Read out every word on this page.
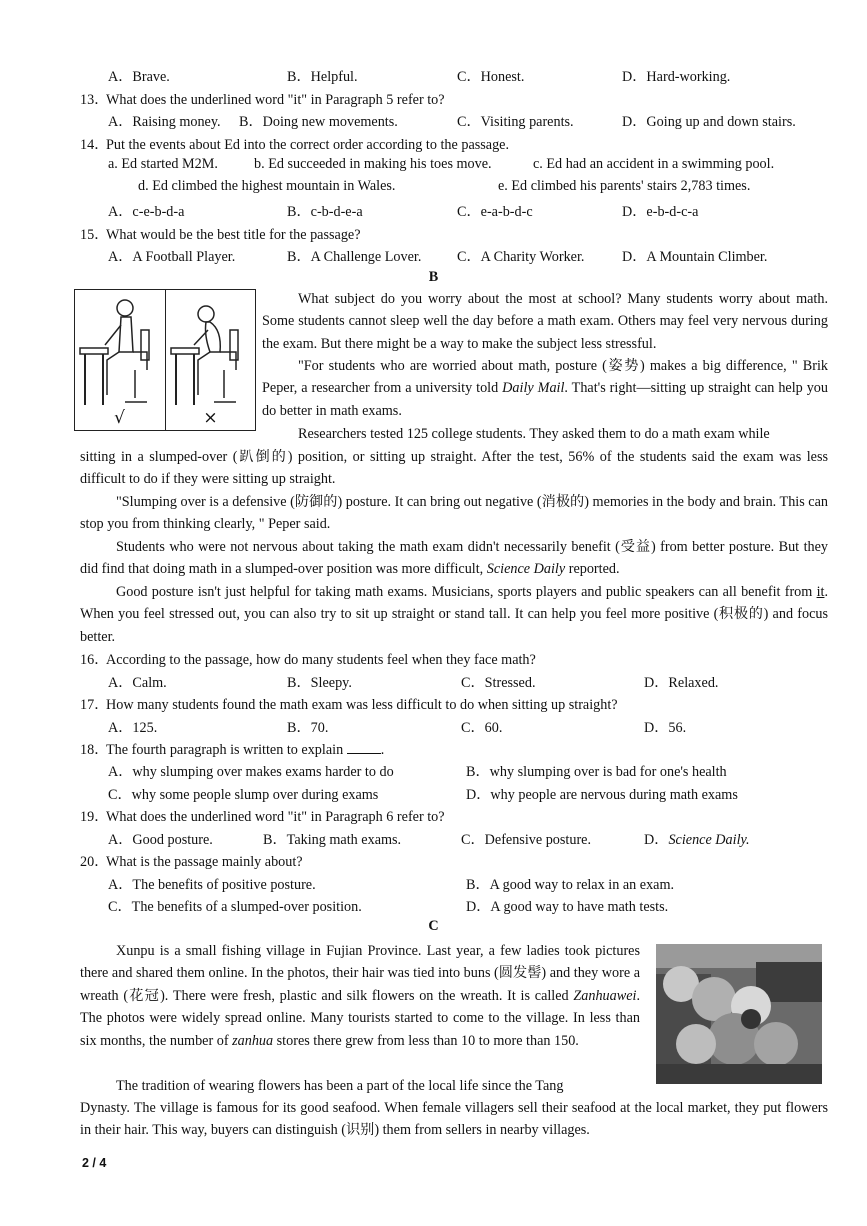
A．Brave.	B．Helpful.	C．Honest.	D．Hard-working.
13．What does the underlined word "it" in Paragraph 5 refer to?
A．Raising money. B．Doing new movements.	C．Visiting parents.	D．Going up and down stairs.
14．Put the events about Ed into the correct order according to the passage.
a. Ed started M2M.	b. Ed succeeded in making his toes move.	c. Ed had an accident in a swimming pool.
d. Ed climbed the highest mountain in Wales.	e. Ed climbed his parents' stairs 2,783 times.
A．c-e-b-d-a	B．c-b-d-e-a	C．e-a-b-d-c	D．e-b-d-c-a
15．What would be the best title for the passage?
A．A Football Player.	B．A Challenge Lover.	C．A Charity Worker.	D．A Mountain Climber.
B
√	×
What subject do you worry about the most at school? Many students worry about math. Some students cannot sleep well the day before a math exam. Others may feel very nervous during the exam. But there might be a way to make the subject less stressful.
"For students who are worried about math, posture (姿势) makes a big difference, " Brik Peper, a researcher from a university told Daily Mail. That's right—sitting up straight can help you do better in math exams.
Researchers tested 125 college students. They asked them to do a math exam while
sitting in a slumped-over (趴倒的) position, or sitting up straight. After the test, 56% of the students said the exam was less difficult to do if they were sitting up straight.
"Slumping over is a defensive (防御的) posture. It can bring out negative (消极的) memories in the body and brain. This can stop you from thinking clearly, " Peper said.
Students who were not nervous about taking the math exam didn't necessarily benefit (受益) from better posture. But they did find that doing math in a slumped-over position was more difficult, Science Daily reported.
Good posture isn't just helpful for taking math exams. Musicians, sports players and public speakers can all benefit from it. When you feel stressed out, you can also try to sit up straight or stand tall. It can help you feel more positive (积极的) and focus better.
16．According to the passage, how do many students feel when they face math?
A．Calm.	B．Sleepy.	C．Stressed.	D．Relaxed.
17．How many students found the math exam was less difficult to do when sitting up straight?
A．125.	B．70.	C．60.	D．56.
18．The fourth paragraph is written to explain	.
A．why slumping over makes exams harder to do	B．why slumping over is bad for one's health
C．why some people slump over during exams	D．why people are nervous during math exams
19．What does the underlined word "it" in Paragraph 6 refer to?
A．Good posture.	B．Taking math exams.	C．Defensive posture.	D．Science Daily.
20．What is the passage mainly about?
A．The benefits of positive posture.	B．A good way to relax in an exam.
C．The benefits of a slumped-over position.	D．A good way to have math tests.
C
Xunpu is a small fishing village in Fujian Province. Last year, a few ladies took pictures there and shared them online. In the photos, their hair was tied into buns (圆发髻) and they wore a wreath (花冠). There were fresh, plastic and silk flowers on the wreath. It is called Zanhuawei. The photos were widely spread online. Many tourists started to come to the village. In less than six months, the number of zanhua stores there grew from less than 10 to more than 150.
The tradition of wearing flowers has been a part of the local life since the Tang
Dynasty. The village is famous for its good seafood. When female villagers sell their seafood at the local market, they put flowers in their hair. This way, buyers can distinguish (识别) them from sellers in nearby villages.
2 / 4
